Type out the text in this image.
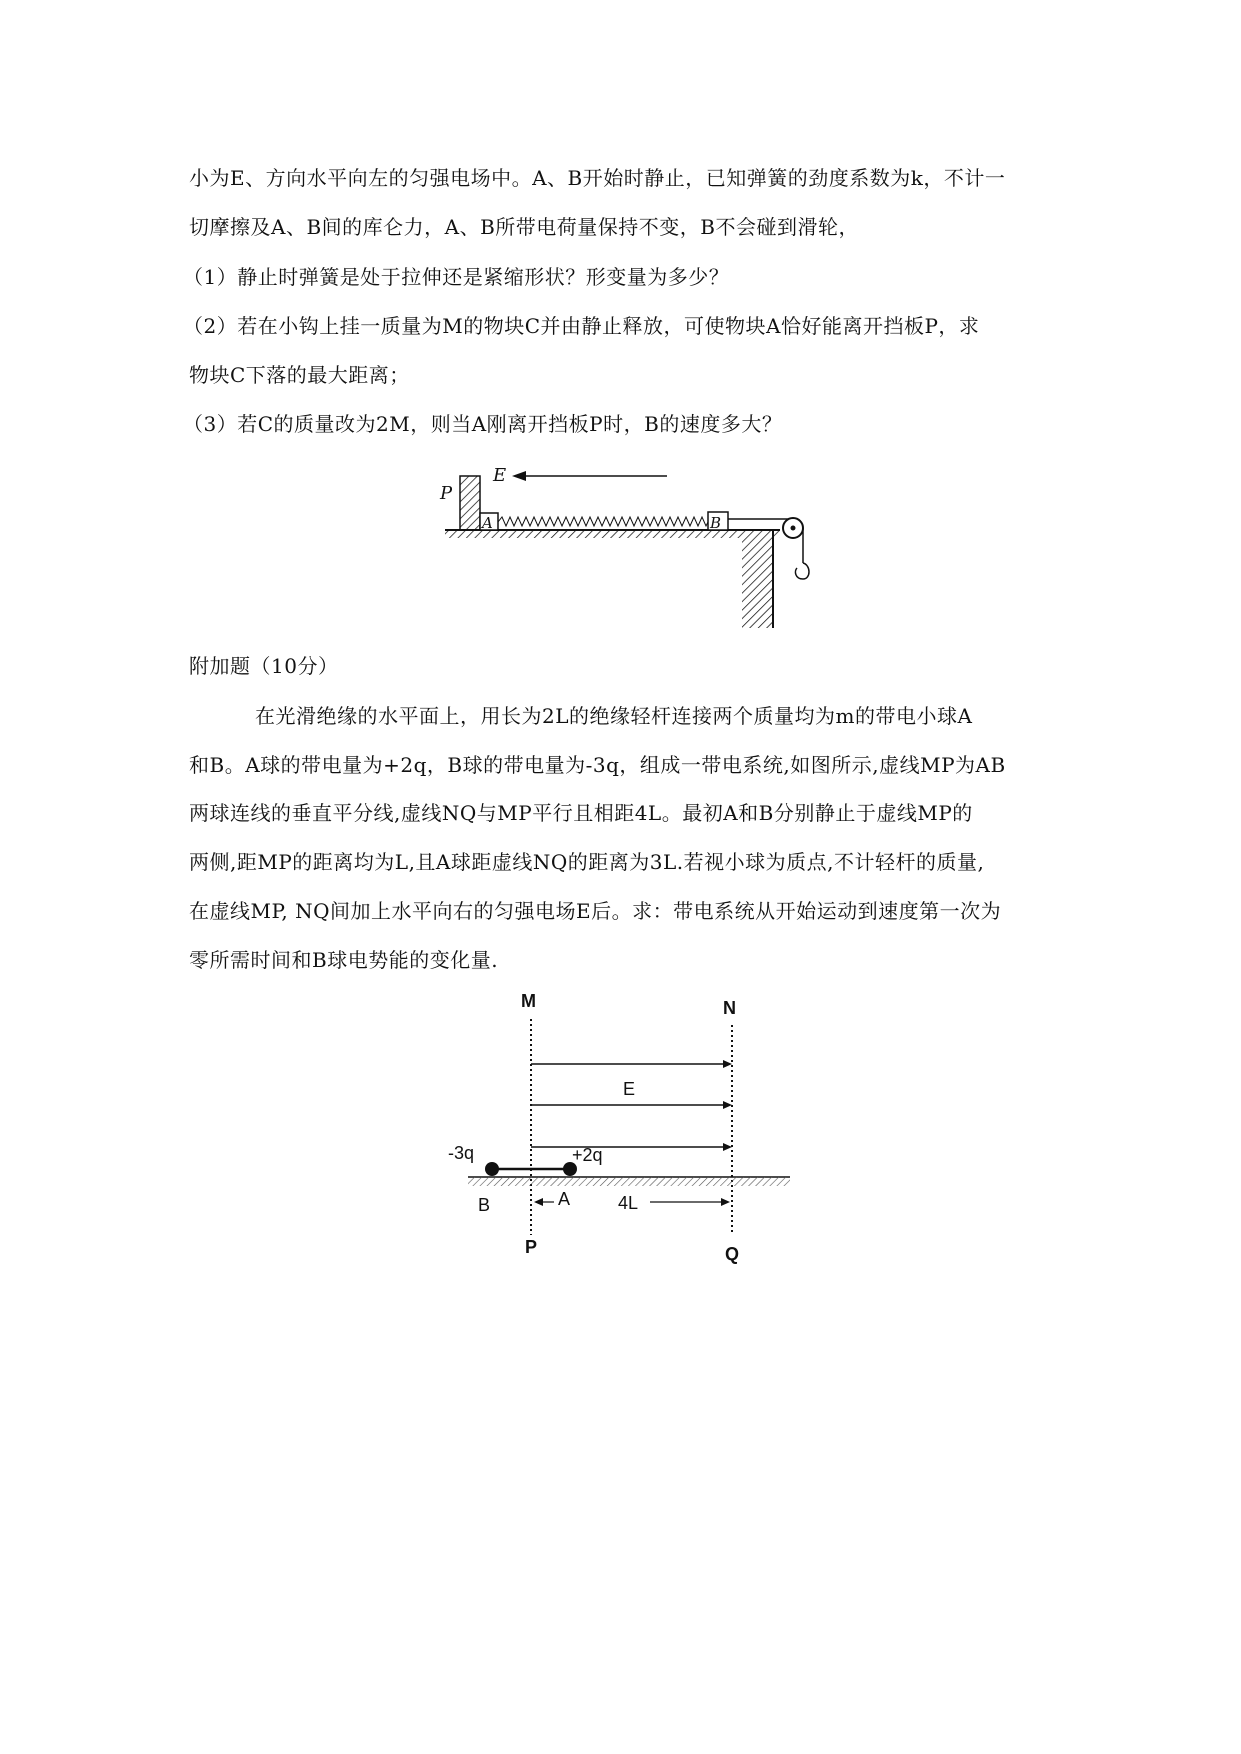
小为E、方向水平向左的匀强电场中。A、B开始时静止，已知弹簧的劲度系数为k，不计一
切摩擦及A、B间的库仑力，A、B所带电荷量保持不变，B不会碰到滑轮，
（1）静止时弹簧是处于拉伸还是紧缩形状？形变量为多少？
（2）若在小钩上挂一质量为M的物块C并由静止释放，可使物块A恰好能离开挡板P，求
物块C下落的最大距离；
（3）若C的质量改为2M，则当A刚离开挡板P时，B的速度多大？
P
E
A	B
附加题（10分）
在光滑绝缘的水平面上，用长为2L的绝缘轻杆连接两个质量均为m的带电小球A
和B。A球的带电量为+2q，B球的带电量为-3q，组成一带电系统,如图所示,虚线MP为AB
两球连线的垂直平分线,虚线NQ与MP平行且相距4L。最初A和B分别静止于虚线MP的
两侧,距MP的距离均为L,且A球距虚线NQ的距离为3L.若视小球为质点,不计轻杆的质量,
在虚线MP, NQ间加上水平向右的匀强电场E后。求：带电系统从开始运动到速度第一次为
零所需时间和B球电势能的变化量.
M	N
E
-3q	+2q
B	A	4L
P	Q
